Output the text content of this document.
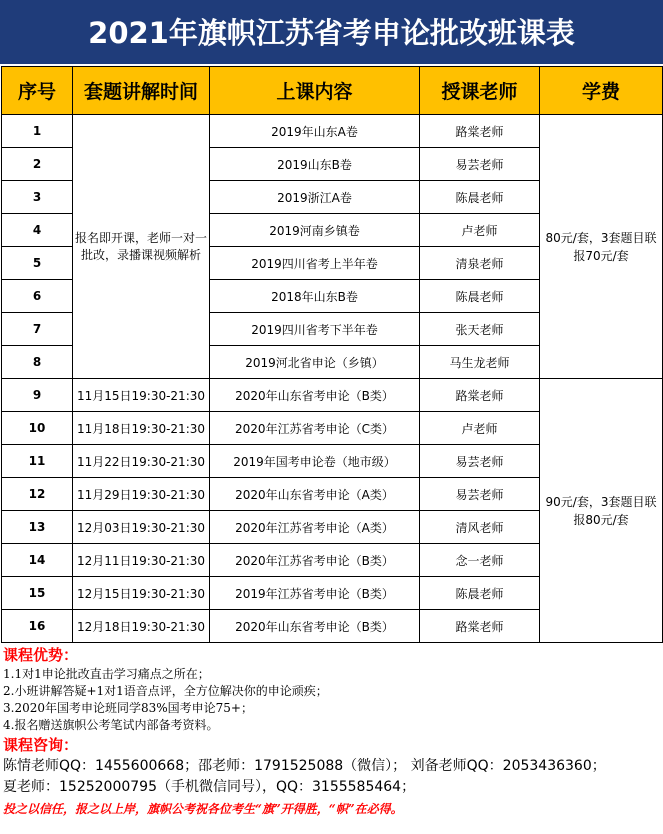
2021年旗帜江苏省考申论批改班课表
序号	套题讲解时间	上课内容	授课老师	学费
1	报名即开课，老师一对一批改，录播课视频解析	2019年山东A卷	路棠老师	80元/套，3套题目联报70元/套
2		2019山东B卷	易芸老师	
3		2019浙江A卷	陈晨老师	
4		2019河南乡镇卷	卢老师	
5		2019四川省考上半年卷	清泉老师	
6		2018年山东B卷	陈晨老师	
7		2019四川省考下半年卷	张天老师	
8		2019河北省申论（乡镇）	马生龙老师	
9	11月15日19:30-21:30	2020年山东省考申论（B类）	路棠老师	90元/套，3套题目联报80元/套
10	11月18日19:30-21:30	2020年江苏省考申论（C类）	卢老师	
11	11月22日19:30-21:30	2019年国考申论卷（地市级）	易芸老师	
12	11月29日19:30-21:30	2020年山东省考申论（A类）	易芸老师	
13	12月03日19:30-21:30	2020年江苏省考申论（A类）	清风老师	
14	12月11日19:30-21:30	2020年江苏省考申论（B类）	念一老师	
15	12月15日19:30-21:30	2019年江苏省考申论（B类）	陈晨老师	
16	12月18日19:30-21:30	2020年山东省考申论（B类）	路棠老师	
课程优势：
1.1对1申论批改直击学习痛点之所在；
2.小班讲解答疑+1对1语音点评，全方位解决你的申论顽疾；
3.2020年国考申论班同学83%国考申论75+；
4.报名赠送旗帜公考笔试内部备考资料。
课程咨询：
陈情老师QQ：1455600668；邵老师：1791525088（微信）； 刘备老师QQ：2053436360；
夏老师：15252000795（手机微信同号），QQ：3155585464；
投之以信任，报之以上岸，旗帜公考祝各位考生“旗”开得胜，“帜”在必得。
